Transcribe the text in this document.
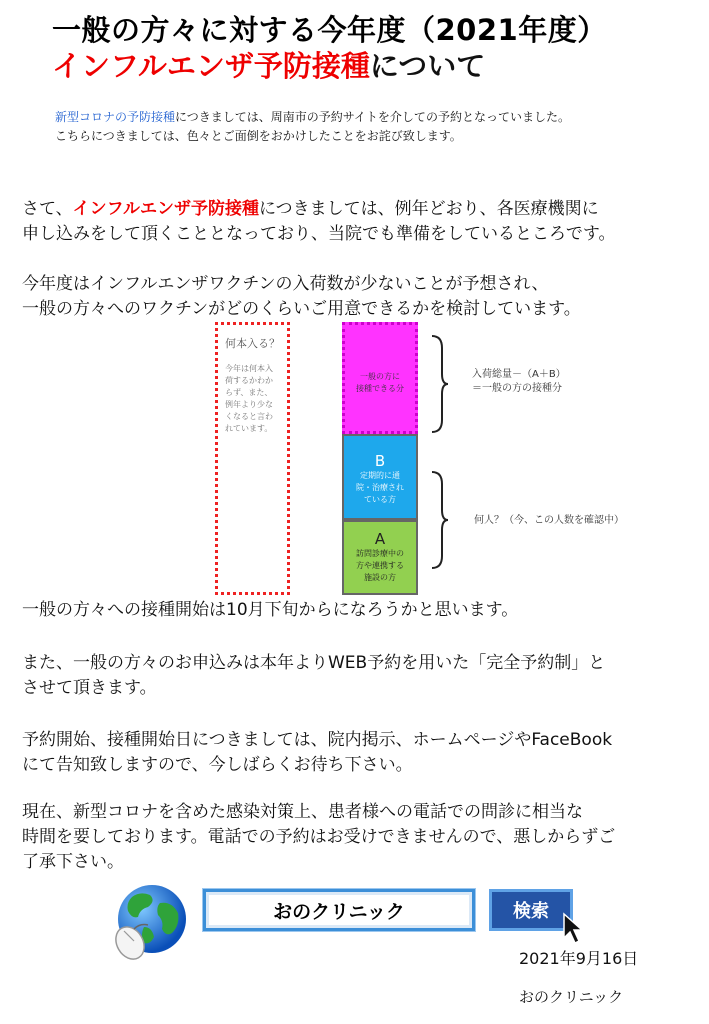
一般の方々に対する今年度（2021年度）
インフルエンザ予防接種について
新型コロナの予防接種につきましては、周南市の予約サイトを介しての予約となっていました。
こちらにつきましては、色々とご面倒をおかけしたことをお詫び致します。
さて、インフルエンザ予防接種につきましては、例年どおり、各医療機関に
申し込みをして頂くこととなっており、当院でも準備をしているところです。
今年度はインフルエンザワクチンの入荷数が少ないことが予想され、
一般の方々へのワクチンがどのくらいご用意できるかを検討しています。
何本入る？
今年は何本入
荷するかわか
らず、また、
例年より少な
くなると言わ
れています。
一般の方に
接種できる分
B
定期的に通
院・治療され
ている方
A
訪問診療中の
方や連携する
施設の方
入荷総量－（A＋B）
＝一般の方の接種分
何人？（今、この人数を確認中）
一般の方々への接種開始は10月下旬からになろうかと思います。
また、一般の方々のお申込みは本年よりWEB予約を用いた「完全予約制」と
させて頂きます。
予約開始、接種開始日につきましては、院内掲示、ホームページやFaceBook
にて告知致しますので、今しばらくお待ち下さい。
現在、新型コロナを含めた感染対策上、患者様への電話での問診に相当な
時間を要しております。電話での予約はお受けできませんので、悪しからずご
了承下さい。
おのクリニック	検索
2021年9月16日
おのクリニック
